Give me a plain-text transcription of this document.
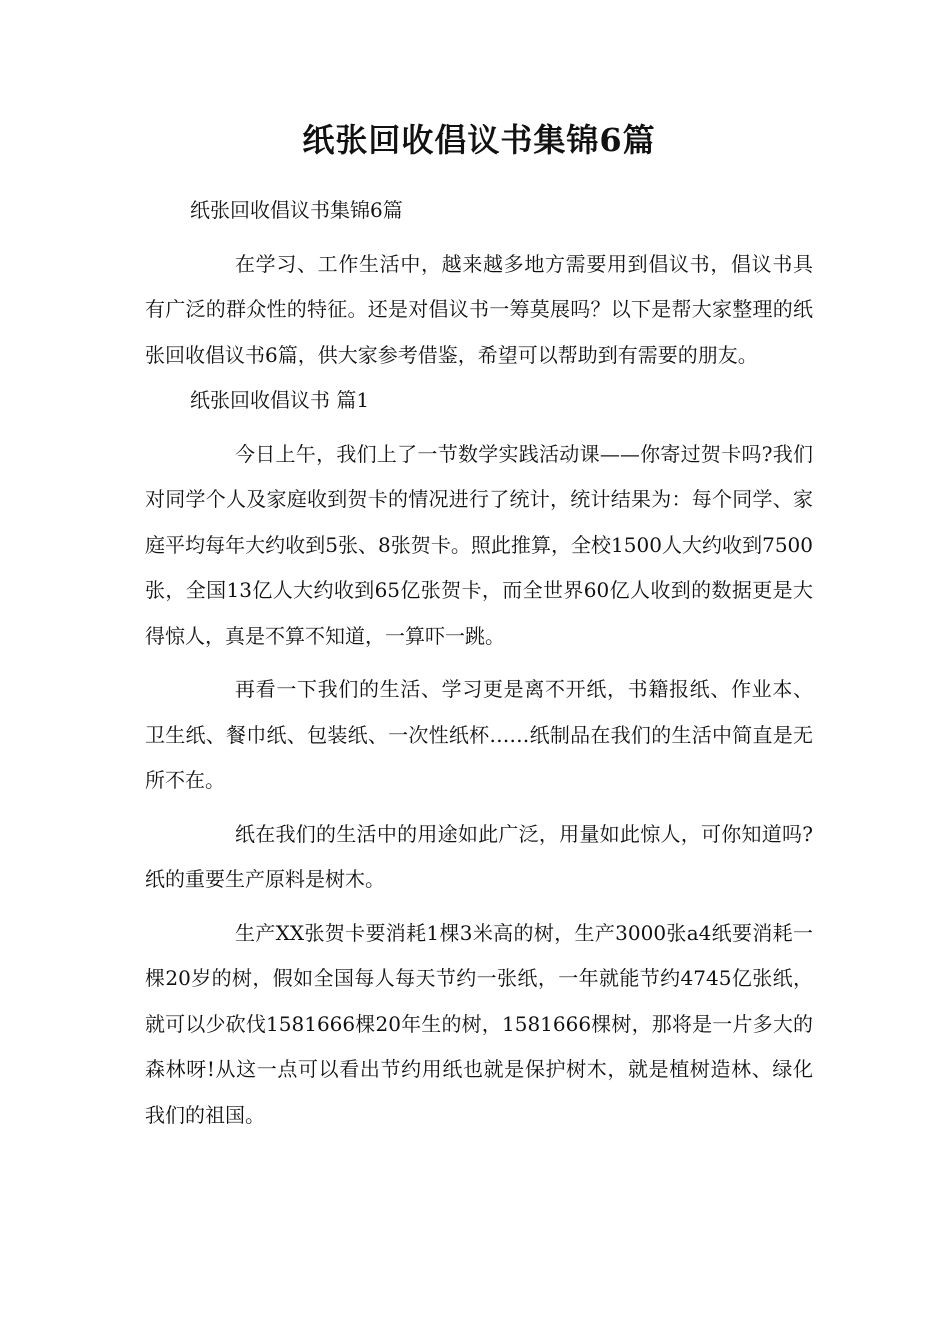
纸张回收倡议书集锦6篇

纸张回收倡议书集锦6篇

在学习、工作生活中，越来越多地方需要用到倡议书，倡议书具有广泛的群众性的特征。还是对倡议书一筹莫展吗？以下是帮大家整理的纸张回收倡议书6篇，供大家参考借鉴，希望可以帮助到有需要的朋友。

纸张回收倡议书 篇1

今日上午，我们上了一节数学实践活动课——你寄过贺卡吗?我们对同学个人及家庭收到贺卡的情况进行了统计，统计结果为：每个同学、家庭平均每年大约收到5张、8张贺卡。照此推算，全校1500人大约收到7500张，全国13亿人大约收到65亿张贺卡，而全世界60亿人收到的数据更是大得惊人，真是不算不知道，一算吓一跳。

再看一下我们的生活、学习更是离不开纸，书籍报纸、作业本、卫生纸、餐巾纸、包装纸、一次性纸杯……纸制品在我们的生活中简直是无所不在。

纸在我们的生活中的用途如此广泛，用量如此惊人，可你知道吗?纸的重要生产原料是树木。

生产XX张贺卡要消耗1棵3米高的树，生产3000张a4纸要消耗一棵20岁的树，假如全国每人每天节约一张纸，一年就能节约4745亿张纸，就可以少砍伐1581666棵20年生的树，1581666棵树，那将是一片多大的森林呀!从这一点可以看出节约用纸也就是保护树木，就是植树造林、绿化我们的祖国。
